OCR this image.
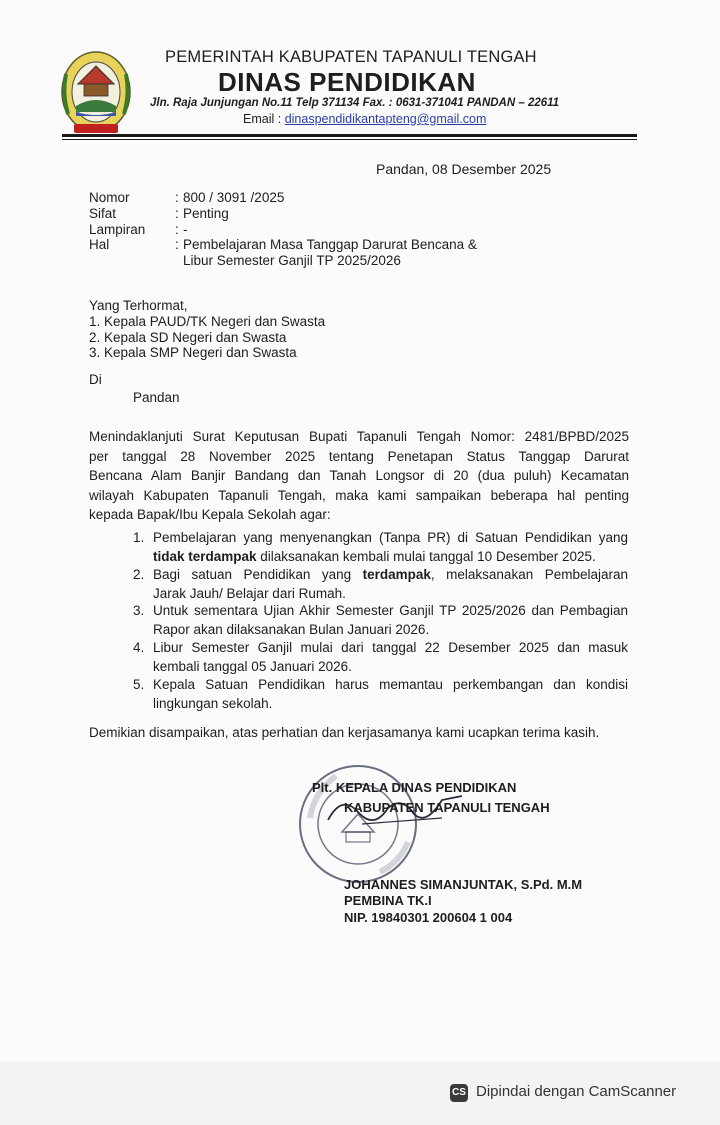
PEMERINTAH KABUPATEN TAPANULI TENGAH
DINAS PENDIDIKAN
Jln. Raja Junjungan No.11 Telp 371134 Fax. : 0631-371041 PANDAN – 22611
Email : dinaspendidikantapteng@gmail.com
Pandan, 08 Desember 2025
Nomor	: 800 / 3091 /2025
Sifat	: Penting
Lampiran : -
Hal	: Pembelajaran Masa Tanggap Darurat Bencana &
Libur Semester Ganjil TP 2025/2026
Yang Terhormat,
1. Kepala PAUD/TK Negeri dan Swasta
2. Kepala SD Negeri dan Swasta
3. Kepala SMP Negeri dan Swasta
Di
Pandan
Menindaklanjuti Surat Keputusan Bupati Tapanuli Tengah Nomor: 2481/BPBD/2025
per tanggal 28 November 2025 tentang Penetapan Status Tanggap Darurat
Bencana Alam Banjir Bandang dan Tanah Longsor di 20 (dua puluh) Kecamatan
wilayah Kabupaten Tapanuli Tengah, maka kami sampaikan beberapa hal penting
kepada Bapak/Ibu Kepala Sekolah agar:
1. Pembelajaran yang menyenangkan (Tanpa PR) di Satuan Pendidikan yang
tidak terdampak dilaksanakan kembali mulai tanggal 10 Desember 2025.
2. Bagi satuan Pendidikan yang terdampak, melaksanakan Pembelajaran
Jarak Jauh/ Belajar dari Rumah.
3. Untuk sementara Ujian Akhir Semester Ganjil TP 2025/2026 dan Pembagian
Rapor akan dilaksanakan Bulan Januari 2026.
4. Libur Semester Ganjil mulai dari tanggal 22 Desember 2025 dan masuk
kembali tanggal 05 Januari 2026.
5. Kepala Satuan Pendidikan harus memantau perkembangan dan kondisi
lingkungan sekolah.
Demikian disampaikan, atas perhatian dan kerjasamanya kami ucapkan terima kasih.
Plt. KEPALA DINAS PENDIDIKAN
KABUPATEN TAPANULI TENGAH
JOHANNES SIMANJUNTAK, S.Pd. M.M
PEMBINA TK.I
NIP. 19840301 200604 1 004
CS Dipindai dengan CamScanner
